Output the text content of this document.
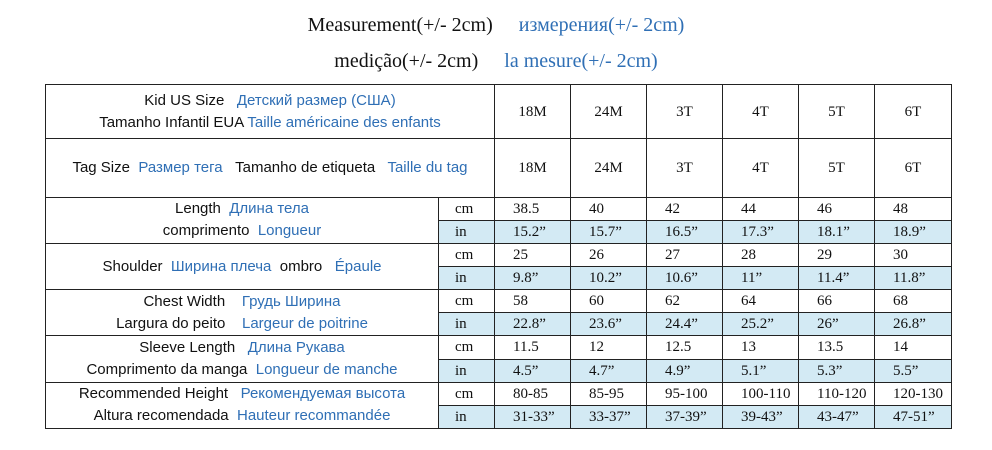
Measurement(+/- 2cm) измерения(+/- 2cm)
medição(+/- 2cm) la mesure(+/- 2cm)
Kid US Size Детский размер (США)
Tamanho Infantil EUA Taille américaine des enfants		18M	24M	3T	4T	5T	6T

Tag Size Размер тега Tamanho de etiqueta Taille du tag		18M	24M	3T	4T	5T	6T

Length Длина тела
comprimento Longueur	cm	38.5	40	42	44	46	48
	in	15.2”	15.7”	16.5”	17.3”	18.1”	18.9”

Shoulder Ширина плеча ombro Épaule	cm	25	26	27	28	29	30
	in	9.8”	10.2”	10.6”	11”	11.4”	11.8”

Chest Width Грудь Ширина
Largura do peito Largeur de poitrine	cm	58	60	62	64	66	68
	in	22.8”	23.6”	24.4”	25.2”	26”	26.8”

Sleeve Length Длина Рукава
Comprimento da manga Longueur de manche	cm	11.5	12	12.5	13	13.5	14
	in	4.5”	4.7”	4.9”	5.1”	5.3”	5.5”

Recommended Height Рекомендуемая высота
Altura recomendada Hauteur recommandée	cm	80-85	85-95	95-100	100-110	110-120	120-130
	in	31-33”	33-37”	37-39”	39-43”	43-47”	47-51”
